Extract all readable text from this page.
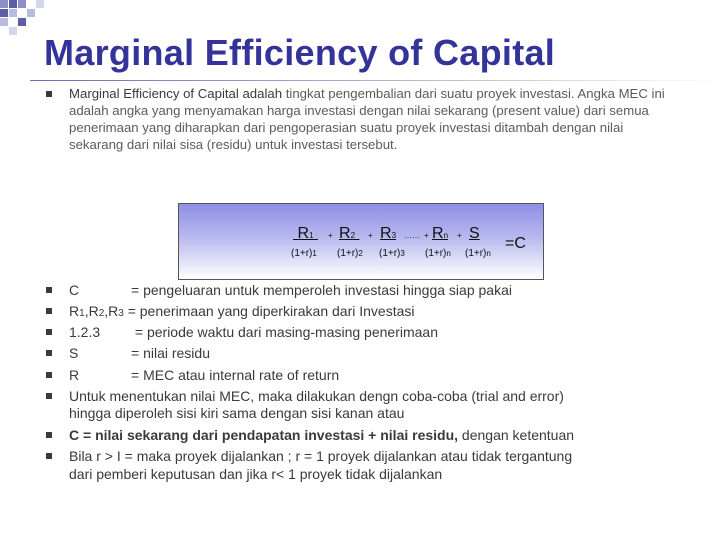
Marginal Efficiency of Capital
Marginal Efficiency of Capital adalah tingkat pengembalian dari suatu proyek investasi. Angka MEC ini adalah angka yang menyamakan harga investasi dengan nilai sekarang (present value) dari semua penerimaan yang diharapkan dari pengoperasian suatu proyek investasi ditambah dengan nilai sekarang dari nilai sisa (residu) untuk investasi tersebut.
R1	+ R2	+ R3 …… + Rn + S
(1+r)1 (1+r)2 (1+r)3 (1+r)n (1+r)n
=C
C	= pengeluaran untuk memperoleh investasi hingga siap pakai
R1,R2,R3 = penerimaan yang diperkirakan dari Investasi
1.2.3 = periode waktu dari masing-masing penerimaan
S	= nilai residu
R	= MEC atau internal rate of return
Untuk menentukan nilai MEC, maka dilakukan dengn coba-coba (trial and error)
hingga diperoleh sisi kiri sama dengan sisi kanan atau
C = nilai sekarang dari pendapatan investasi + nilai residu, dengan ketentuan
Bila r > I = maka proyek dijalankan ; r = 1 proyek dijalankan atau tidak tergantung
dari pemberi keputusan dan jika r< 1 proyek tidak dijalankan
